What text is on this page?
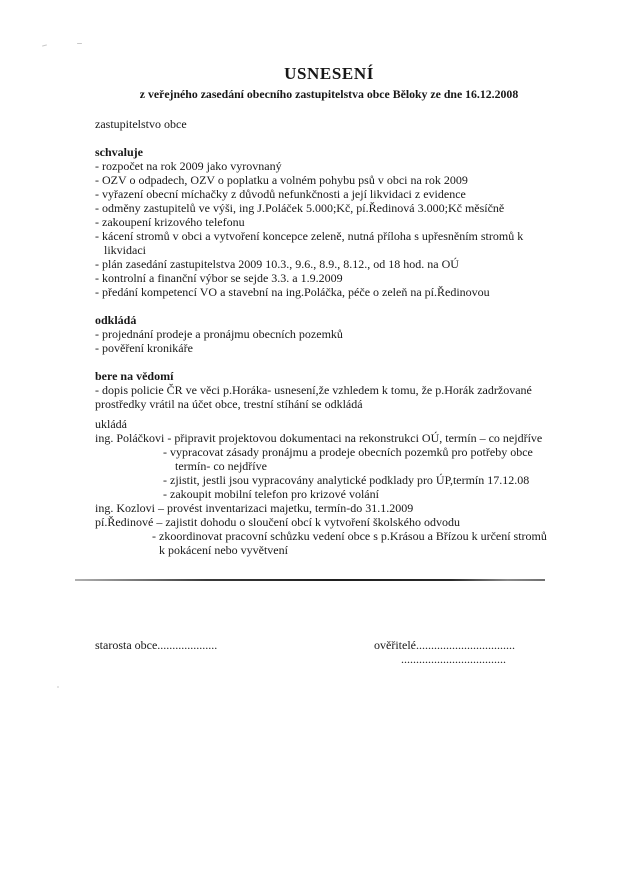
USNESENÍ
z veřejného zasedání obecního zastupitelstva obce Běloky ze dne 16.12.2008
zastupitelstvo obce
schvaluje
- rozpočet na rok 2009 jako vyrovnaný
- OZV o odpadech, OZV o poplatku a volném pohybu psů v obci na rok 2009
- vyřazení obecní míchačky z důvodů nefunkčnosti a její likvidaci z evidence
- odměny zastupitelů ve výši, ing J.Poláček 5.000;Kč, pí.Ředinová 3.000;Kč měsíčně
- zakoupení krizového telefonu
- kácení stromů v obci a vytvoření koncepce zeleně, nutná příloha s upřesněním stromů k
likvidaci
- plán zasedání zastupitelstva 2009 10.3., 9.6., 8.9., 8.12., od 18 hod. na OÚ
- kontrolní a finanční výbor se sejde 3.3. a 1.9.2009
- předání kompetencí VO a stavební na ing.Poláčka, péče o zeleň na pí.Ředinovou
odkládá
- projednání prodeje a pronájmu obecních pozemků
- pověření kronikáře
bere na vědomí
- dopis policie ČR ve věci p.Horáka- usnesení,že vzhledem k tomu, že p.Horák zadržované
prostředky vrátil na účet obce, trestní stíhání se odkládá
ukládá
ing. Poláčkovi - připravit projektovou dokumentaci na rekonstrukci OÚ, termín – co nejdříve
- vypracovat zásady pronájmu a prodeje obecních pozemků pro potřeby obce
termín- co nejdříve
- zjistit, jestli jsou vypracovány analytické podklady pro ÚP,termín 17.12.08
- zakoupit mobilní telefon pro krizové volání
ing. Kozlovi – provést inventarizaci majetku, termín-do 31.1.2009
pí.Ředinové – zajistit dohodu o sloučení obcí k vytvoření školského odvodu
- zkoordinovat pracovní schůzku vedení obce s p.Krásou a Břízou k určení stromů
k pokácení nebo vyvětvení
starosta obce....................	ověřitelé.................................
...................................
